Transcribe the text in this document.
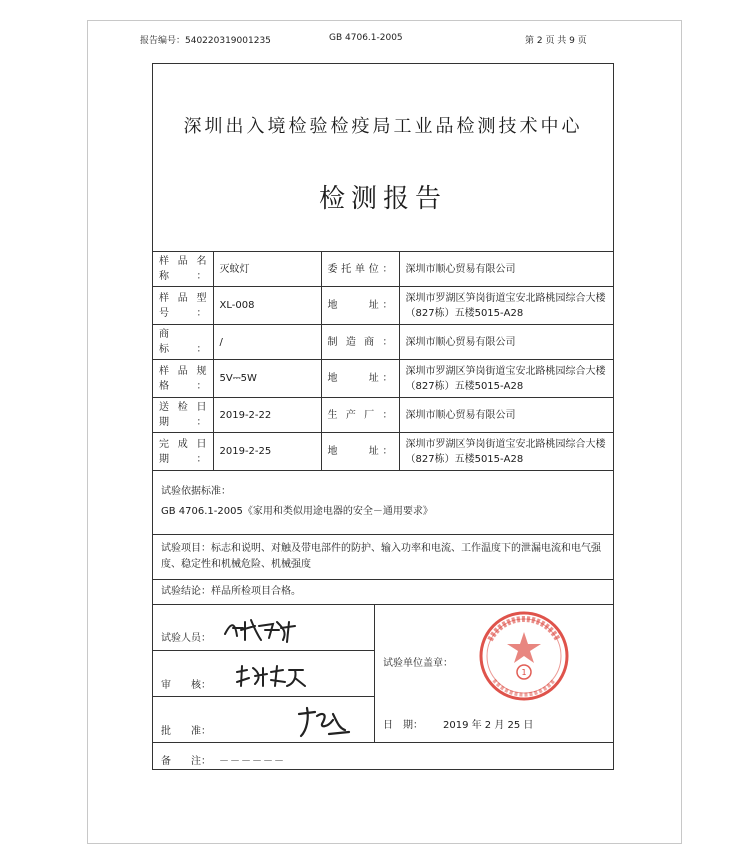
报告编号：540220319001235	GB 4706.1-2005	第 2 页 共 9 页
深圳出入境检验检疫局工业品检测技术中心
检测报告
样品名称：	灭蚊灯	委托单位：	深圳市顺心贸易有限公司
样品型号：	XL-008	地　　址：	深圳市罗湖区笋岗街道宝安北路桃园综合大楼（827栋）五楼5015-A28
商　　标：	/	制造商：	深圳市顺心贸易有限公司
样品规格：	5V⎓5W	地　　址：	深圳市罗湖区笋岗街道宝安北路桃园综合大楼（827栋）五楼5015-A28
送检日期：	2019-2-22	生产厂：	深圳市顺心贸易有限公司
完成日期：	2019-2-25	地　　址：	深圳市罗湖区笋岗街道宝安北路桃园综合大楼（827栋）五楼5015-A28
试验依据标准：
GB 4706.1-2005《家用和类似用途电器的安全－通用要求》
试验项目：标志和说明、对触及带电部件的防护、输入功率和电流、工作温度下的泄漏电流和电气强度、稳定性和机械危险、机械强度
试验结论：样品所检项目合格。
试验人员：
审　　核：
批　　准：
试验单位盖章：
日　期： 2019 年 2 月 25 日
1
备　　注： －－－－－－
